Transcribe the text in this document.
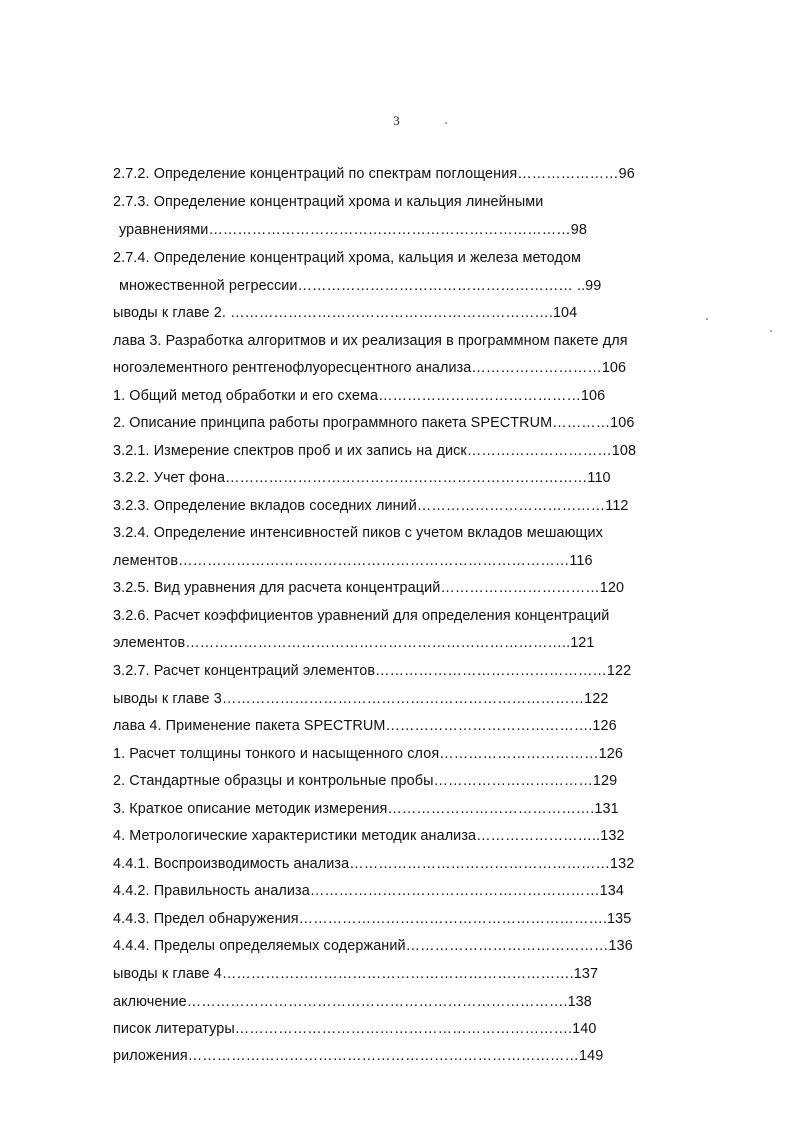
3
2.7.2. Определение концентраций по спектрам поглощения…………………96
2.7.3. Определение концентраций хрома и кальция линейными
уравнениями…………………………………………………………………98
2.7.4. Определение концентраций хрома, кальция и железа методом
множественной регрессии………………………………………………… ..99
ыводы к главе 2. ………………………………………………………….104
лава 3. Разработка алгоритмов и их реализация в программном пакете для
ногоэлементного рентгенофлуоресцентного анализа………………………106
1. Общий метод обработки и его схема……………………………………106
2. Описание принципа работы программного пакета SPECTRUM…………106
3.2.1. Измерение спектров проб и их запись на диск…………………………108
3.2.2. Учет фона…………………………………………………………………110
3.2.3. Определение вкладов соседних линий…………………………………112
3.2.4. Определение интенсивностей пиков с учетом вкладов мешающих
лементов………………………………………………………………………116
3.2.5. Вид уравнения для расчета концентраций……………………………120
3.2.6. Расчет коэффициентов уравнений для определения концентраций
элементов……………………………………………………………………..121
3.2.7. Расчет концентраций элементов…………………………………………122
ыводы к главе 3…………………………………………………………………122
лава 4. Применение пакета SPECTRUM…………………………………….126
1. Расчет толщины тонкого и насыщенного слоя……………………………126
2. Стандартные образцы и контрольные пробы……………………………129
3. Краткое описание методик измерения…………………………………….131
4. Метрологические характеристики методик анализа……………………..132
4.4.1. Воспроизводимость анализа………………………………………………132
4.4.2. Правильность анализа……………………………………………………134
4.4.3. Предел обнаружения……………………………………………………….135
4.4.4. Пределы определяемых содержаний……………………………………136
ыводы к главе 4……………………………………………………………….137
аключение…………………………………………………………………….138
писок литературы…………………………………………………………….140
риложения………………………………………………………………………149
